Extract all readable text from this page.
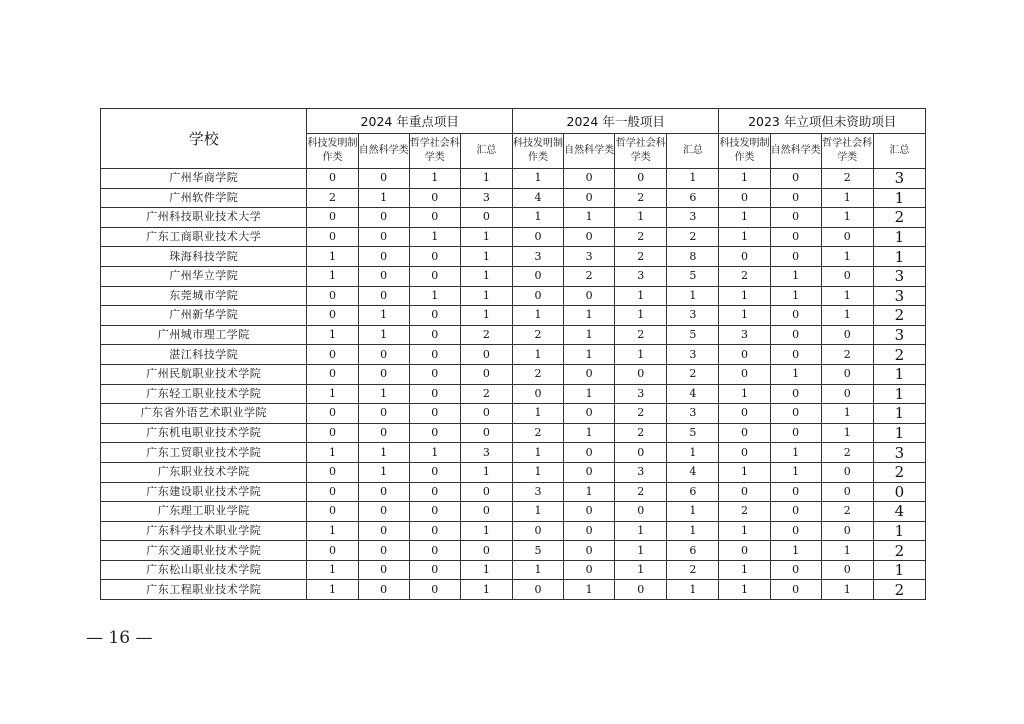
学校	2024 年重点项目				2024 年一般项目				2023 年立项但未资助项目			
	科技发明制作类	自然科学类	哲学社会科学类	汇总	科技发明制作类	自然科学类	哲学社会科学类	汇总	科技发明制作类	自然科学类	哲学社会科学类	汇总
广州华商学院	0	0	1	1	1	0	0	1	1	0	2	3
广州软件学院	2	1	0	3	4	0	2	6	0	0	1	1
广州科技职业技术大学	0	0	0	0	1	1	1	3	1	0	1	2
广东工商职业技术大学	0	0	1	1	0	0	2	2	1	0	0	1
珠海科技学院	1	0	0	1	3	3	2	8	0	0	1	1
广州华立学院	1	0	0	1	0	2	3	5	2	1	0	3
东莞城市学院	0	0	1	1	0	0	1	1	1	1	1	3
广州新华学院	0	1	0	1	1	1	1	3	1	0	1	2
广州城市理工学院	1	1	0	2	2	1	2	5	3	0	0	3
湛江科技学院	0	0	0	0	1	1	1	3	0	0	2	2
广州民航职业技术学院	0	0	0	0	2	0	0	2	0	1	0	1
广东轻工职业技术学院	1	1	0	2	0	1	3	4	1	0	0	1
广东省外语艺术职业学院	0	0	0	0	1	0	2	3	0	0	1	1
广东机电职业技术学院	0	0	0	0	2	1	2	5	0	0	1	1
广东工贸职业技术学院	1	1	1	3	1	0	0	1	0	1	2	3
广东职业技术学院	0	1	0	1	1	0	3	4	1	1	0	2
广东建设职业技术学院	0	0	0	0	3	1	2	6	0	0	0	0
广东理工职业学院	0	0	0	0	1	0	0	1	2	0	2	4
广东科学技术职业学院	1	0	0	1	0	0	1	1	1	0	0	1
广东交通职业技术学院	0	0	0	0	5	0	1	6	0	1	1	2
广东松山职业技术学院	1	0	0	1	1	0	1	2	1	0	0	1
广东工程职业技术学院	1	0	0	1	0	1	0	1	1	0	1	2
— 16 —
